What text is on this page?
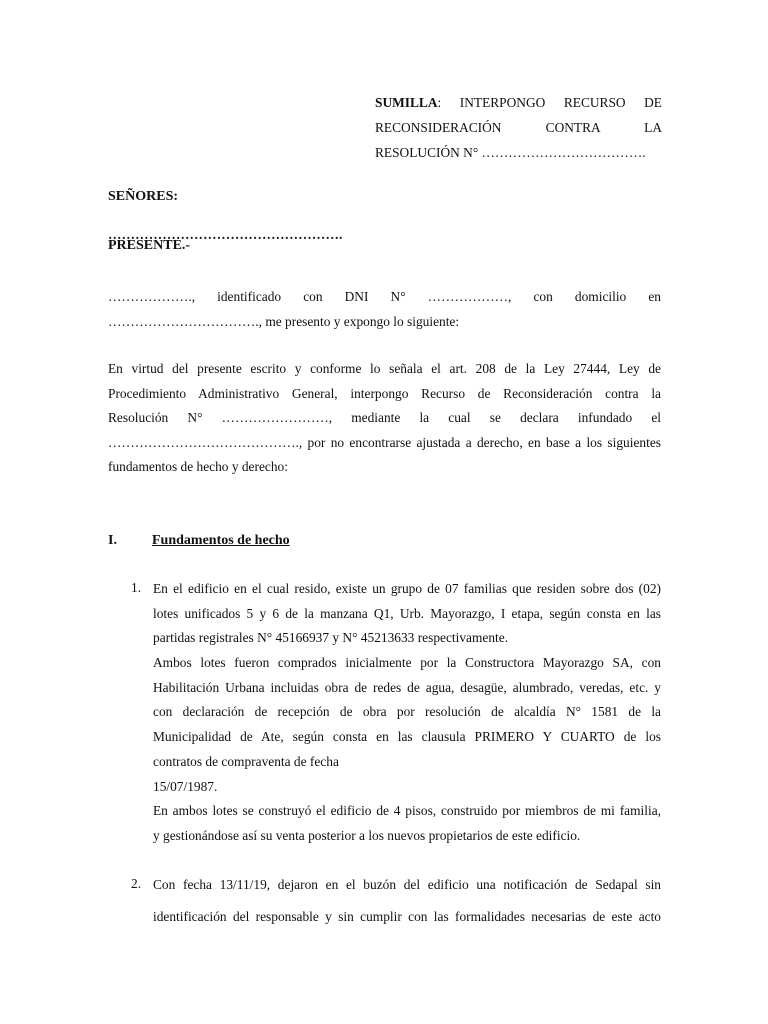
SUMILLA: INTERPONGO RECURSO DE
RECONSIDERACIÓN CONTRA LA
RESOLUCIÓN N° ……………………………….
SEÑORES:
…………………………………………….
PRESENTE.-
………………., identificado con DNI N° ………………, con domicilio en
……………………………., me presento y expongo lo siguiente:
En virtud del presente escrito y conforme lo señala el art. 208 de la Ley 27444, Ley de
Procedimiento Administrativo General, interpongo Recurso de Reconsideración contra la
Resolución N° ……………………, mediante la cual se declara infundado el
……………………………………., por no encontrarse ajustada a derecho, en base a los siguientes
fundamentos de hecho y derecho:
I.	Fundamentos de hecho
1. En el edificio en el cual resido, existe un grupo de 07 familias que residen sobre dos (02)
lotes unificados 5 y 6 de la manzana Q1, Urb. Mayorazgo, I etapa, según consta en las
partidas registrales N° 45166937 y N° 45213633 respectivamente.
Ambos lotes fueron comprados inicialmente por la Constructora Mayorazgo SA, con
Habilitación Urbana incluidas obra de redes de agua, desagüe, alumbrado, veredas, etc. y
con declaración de recepción de obra por resolución de alcaldía N° 1581 de la
Municipalidad de Ate, según consta en las clausula PRIMERO Y CUARTO de los
contratos de compraventa de fecha
15/07/1987.
En ambos lotes se construyó el edificio de 4 pisos, construido por miembros de mi familia,
y gestionándose así su venta posterior a los nuevos propietarios de este edificio.
2. Con fecha 13/11/19, dejaron en el buzón del edificio una notificación de Sedapal sin
identificación del responsable y sin cumplir con las formalidades necesarias de este acto
